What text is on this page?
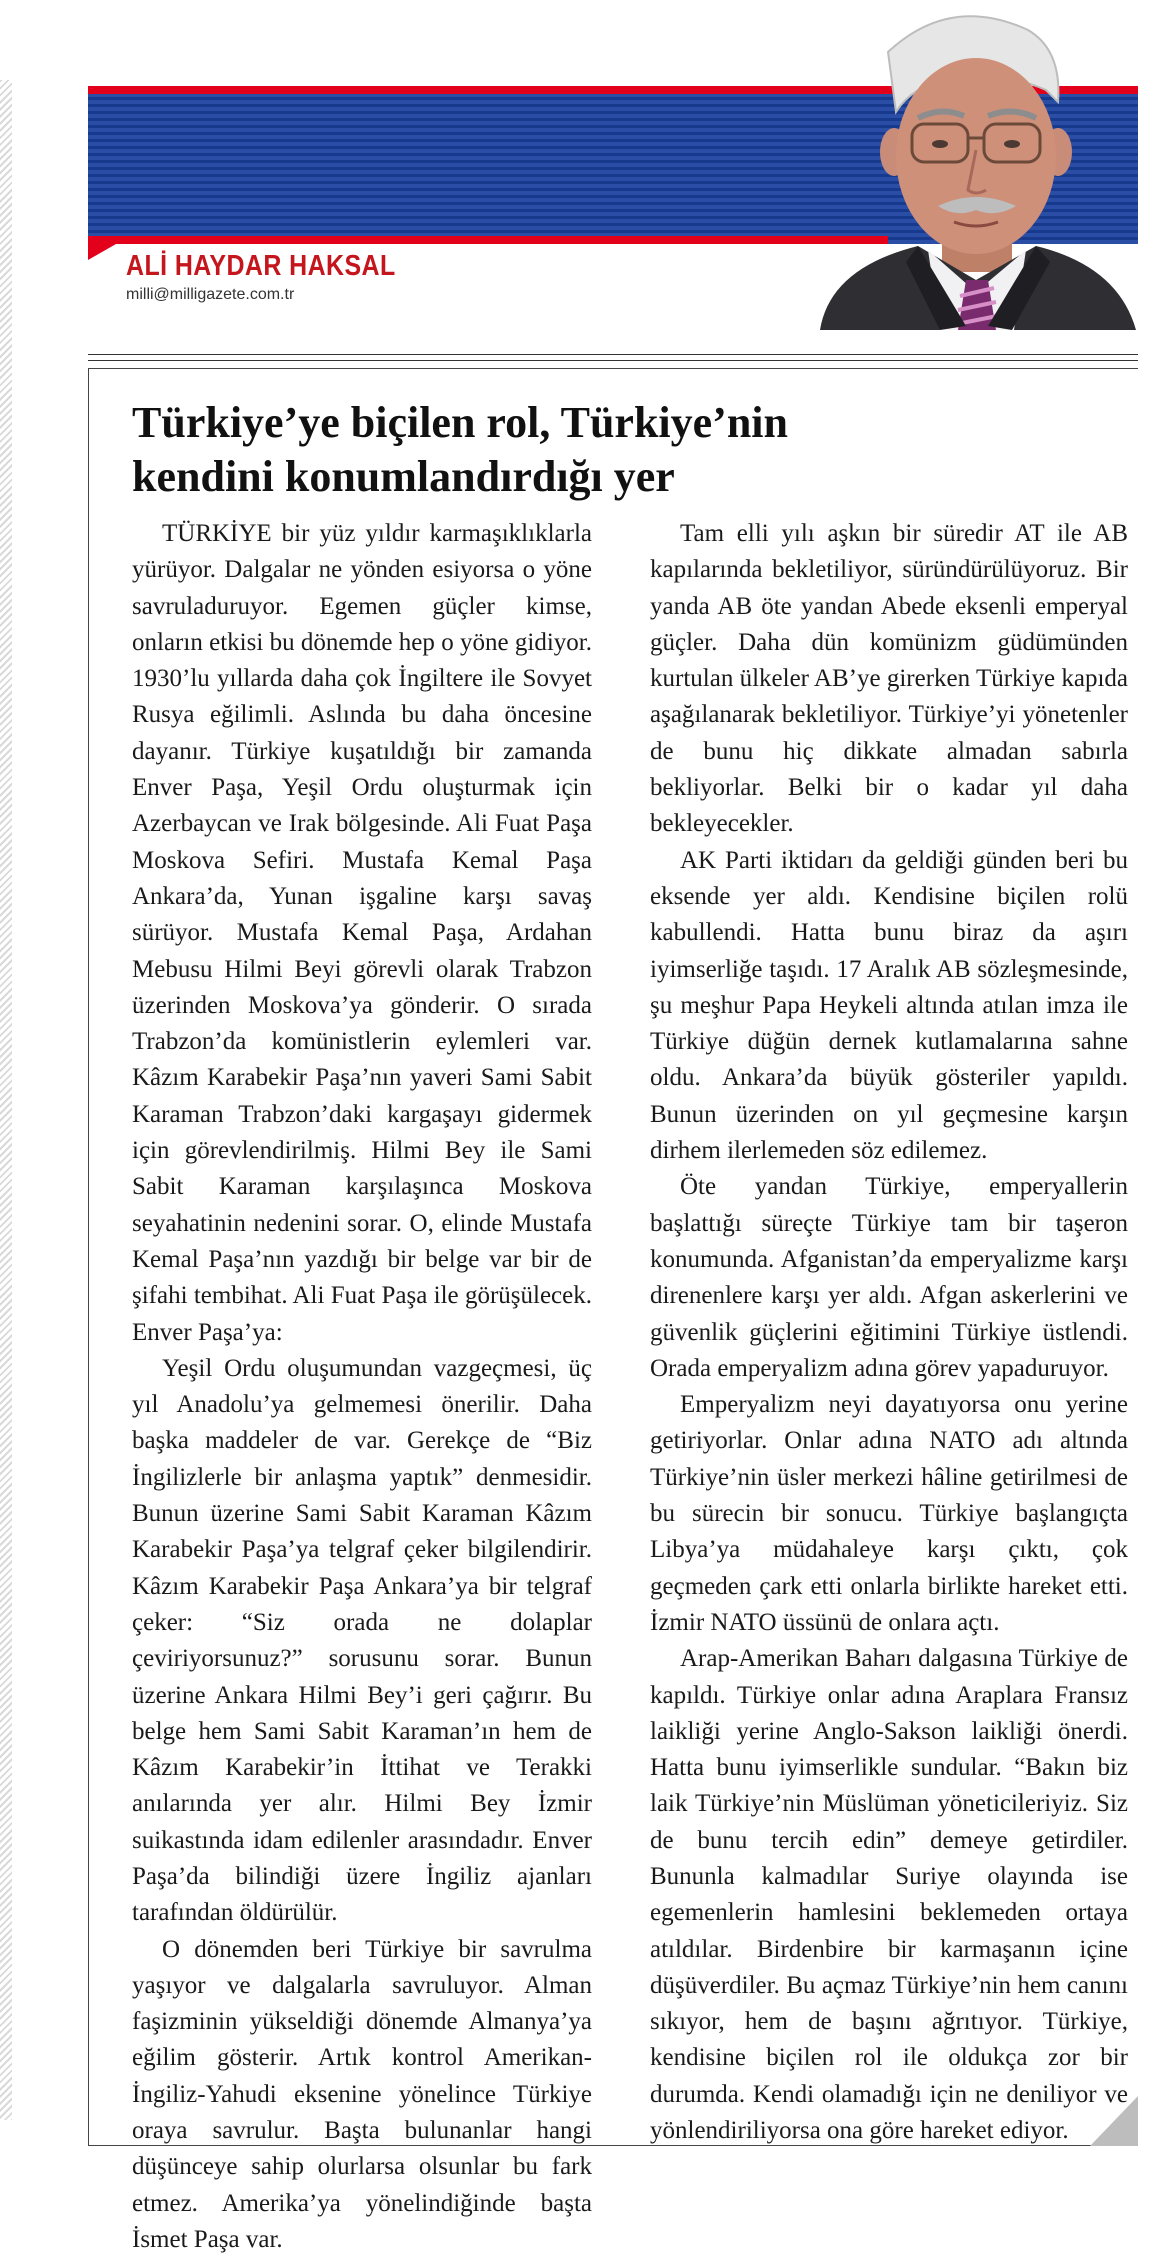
ALİ HAYDAR HAKSAL
milli@milligazete.com.tr
Türkiye’ye biçilen rol, Türkiye’nin
kendini konumlandırdığı yer

TÜRKİYE bir yüz yıldır karmaşıklıklarla yürüyor. Dalgalar ne yönden esiyorsa o yöne savruladuruyor. Egemen güçler kimse, onların etkisi bu dönemde hep o yöne gidiyor. 1930’lu yıllarda daha çok İngiltere ile Sovyet Rusya eğilimli. Aslında bu daha öncesine dayanır. Türkiye kuşatıldığı bir zamanda Enver Paşa, Yeşil Ordu oluşturmak için Azerbaycan ve Irak bölgesinde. Ali Fuat Paşa Moskova Sefiri. Mustafa Kemal Paşa Ankara’da, Yunan işgaline karşı savaş sürüyor. Mustafa Kemal Paşa, Ardahan Mebusu Hilmi Beyi görevli olarak Trabzon üzerinden Moskova’ya gönderir. O sırada Trabzon’da komünistlerin eylemleri var. Kâzım Karabekir Paşa’nın yaveri Sami Sabit Karaman Trabzon’daki kargaşayı gidermek için görevlendirilmiş. Hilmi Bey ile Sami Sabit Karaman karşılaşınca Moskova seyahatinin nedenini sorar. O, elinde Mustafa Kemal Paşa’nın yazdığı bir belge var bir de şifahi tembihat. Ali Fuat Paşa ile görüşülecek. Enver Paşa’ya:

Yeşil Ordu oluşumundan vazgeçmesi, üç yıl Anadolu’ya gelmemesi önerilir. Daha başka maddeler de var. Gerekçe de “Biz İngilizlerle bir anlaşma yaptık” denmesidir. Bunun üzerine Sami Sabit Karaman Kâzım Karabekir Paşa’ya telgraf çeker bilgilendirir. Kâzım Karabekir Paşa Ankara’ya bir telgraf çeker: “Siz orada ne dolaplar çeviriyorsunuz?” sorusunu sorar. Bunun üzerine Ankara Hilmi Bey’i geri çağırır. Bu belge hem Sami Sabit Karaman’ın hem de Kâzım Karabekir’in İttihat ve Terakki anılarında yer alır. Hilmi Bey İzmir suikastında idam edilenler arasındadır. Enver Paşa’da bilindiği üzere İngiliz ajanları tarafından öldürülür.

O dönemden beri Türkiye bir savrulma yaşıyor ve dalgalarla savruluyor. Alman faşizminin yükseldiği dönemde Almanya’ya eğilim gösterir. Artık kontrol Amerikan-İngiliz-Yahudi eksenine yönelince Türkiye oraya savrulur. Başta bulunanlar hangi düşünceye sahip olurlarsa olsunlar bu fark etmez. Amerika’ya yönelindiğinde başta İsmet Paşa var.

Tam elli yılı aşkın bir süredir AT ile AB kapılarında bekletiliyor, süründürülüyoruz. Bir yanda AB öte yandan Abede eksenli emperyal güçler. Daha dün komünizm güdümünden kurtulan ülkeler AB’ye girerken Türkiye kapıda aşağılanarak bekletiliyor. Türkiye’yi yönetenler de bunu hiç dikkate almadan sabırla bekliyorlar. Belki bir o kadar yıl daha bekleyecekler.

AK Parti iktidarı da geldiği günden beri bu eksende yer aldı. Kendisine biçilen rolü kabullendi. Hatta bunu biraz da aşırı iyimserliğe taşıdı. 17 Aralık AB sözleşmesinde, şu meşhur Papa Heykeli altında atılan imza ile Türkiye düğün dernek kutlamalarına sahne oldu. Ankara’da büyük gösteriler yapıldı. Bunun üzerinden on yıl geçmesine karşın dirhem ilerlemeden söz edilemez.

Öte yandan Türkiye, emperyallerin başlattığı süreçte Türkiye tam bir taşeron konumunda. Afganistan’da emperyalizme karşı direnenlere karşı yer aldı. Afgan askerlerini ve güvenlik güçlerini eğitimini Türkiye üstlendi. Orada emperyalizm adına görev yapaduruyor.

Emperyalizm neyi dayatıyorsa onu yerine getiriyorlar. Onlar adına NATO adı altında Türkiye’nin üsler merkezi hâline getirilmesi de bu sürecin bir sonucu. Türkiye başlangıçta Libya’ya müdahaleye karşı çıktı, çok geçmeden çark etti onlarla birlikte hareket etti. İzmir NATO üssünü de onlara açtı.

Arap-Amerikan Baharı dalgasına Türkiye de kapıldı. Türkiye onlar adına Araplara Fransız laikliği yerine Anglo-Sakson laikliği önerdi. Hatta bunu iyimserlikle sundular. “Bakın biz laik Türkiye’nin Müslüman yöneticileriyiz. Siz de bunu tercih edin” demeye getirdiler. Bununla kalmadılar Suriye olayında ise egemenlerin hamlesini beklemeden ortaya atıldılar. Birdenbire bir karmaşanın içine düşüverdiler. Bu açmaz Türkiye’nin hem canını sıkıyor, hem de başını ağrıtıyor. Türkiye, kendisine biçilen rol ile oldukça zor bir durumda. Kendi olamadığı için ne deniliyor ve yönlendiriliyorsa ona göre hareket ediyor.
